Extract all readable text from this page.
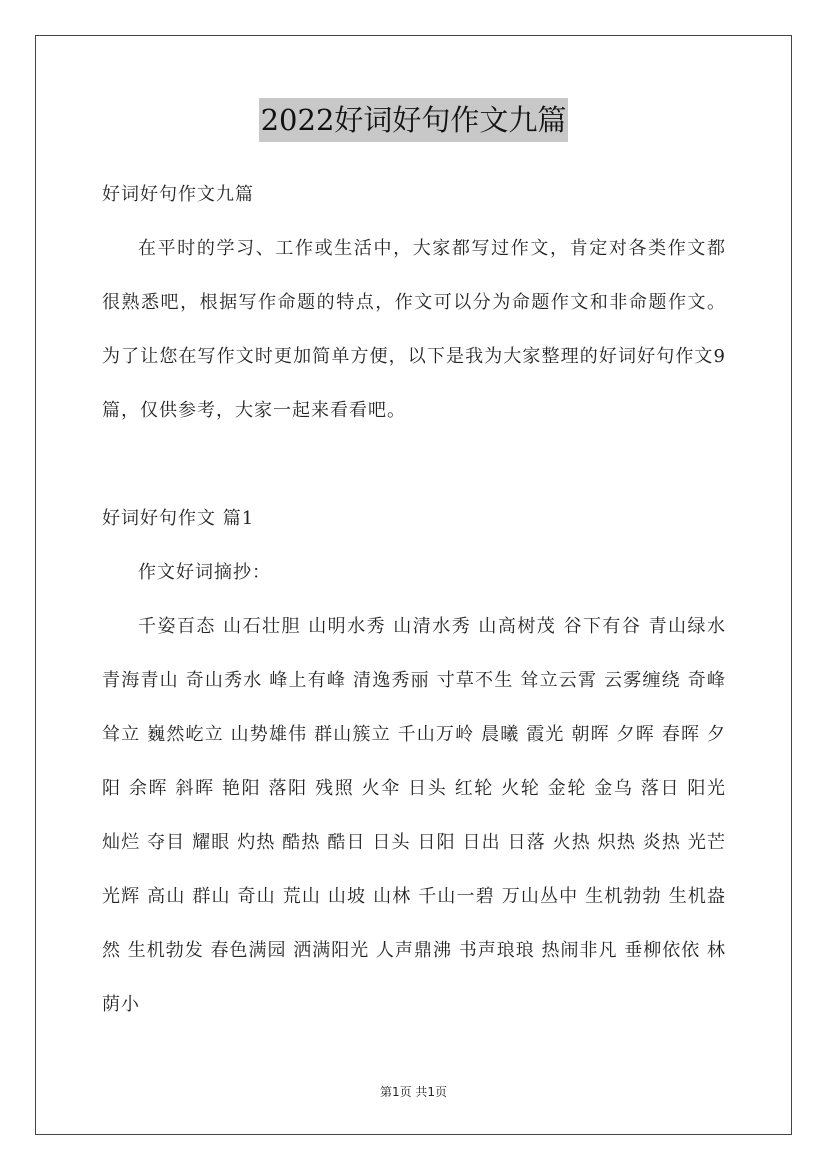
2022好词好句作文九篇

好词好句作文九篇

在平时的学习、工作或生活中，大家都写过作文，肯定对各类作文都很熟悉吧，根据写作命题的特点，作文可以分为命题作文和非命题作文。为了让您在写作文时更加简单方便，以下是我为大家整理的好词好句作文9篇，仅供参考，大家一起来看看吧。

好词好句作文 篇1

作文好词摘抄：

千姿百态 山石壮胆 山明水秀 山清水秀 山高树茂 谷下有谷 青山绿水 青海青山 奇山秀水 峰上有峰 清逸秀丽 寸草不生 耸立云霄 云雾缠绕 奇峰耸立 巍然屹立 山势雄伟 群山簇立 千山万岭 晨曦 霞光 朝晖 夕晖 春晖 夕阳 余晖 斜晖 艳阳 落阳 残照 火伞 日头 红轮 火轮 金轮 金乌 落日 阳光 灿烂 夺目 耀眼 灼热 酷热 酷日 日头 日阳 日出 日落 火热 炽热 炎热 光芒 光辉 高山 群山 奇山 荒山 山坡 山林 千山一碧 万山丛中 生机勃勃 生机盎然 生机勃发 春色满园 洒满阳光 人声鼎沸 书声琅琅 热闹非凡 垂柳依依 林荫小

第1页 共1页
